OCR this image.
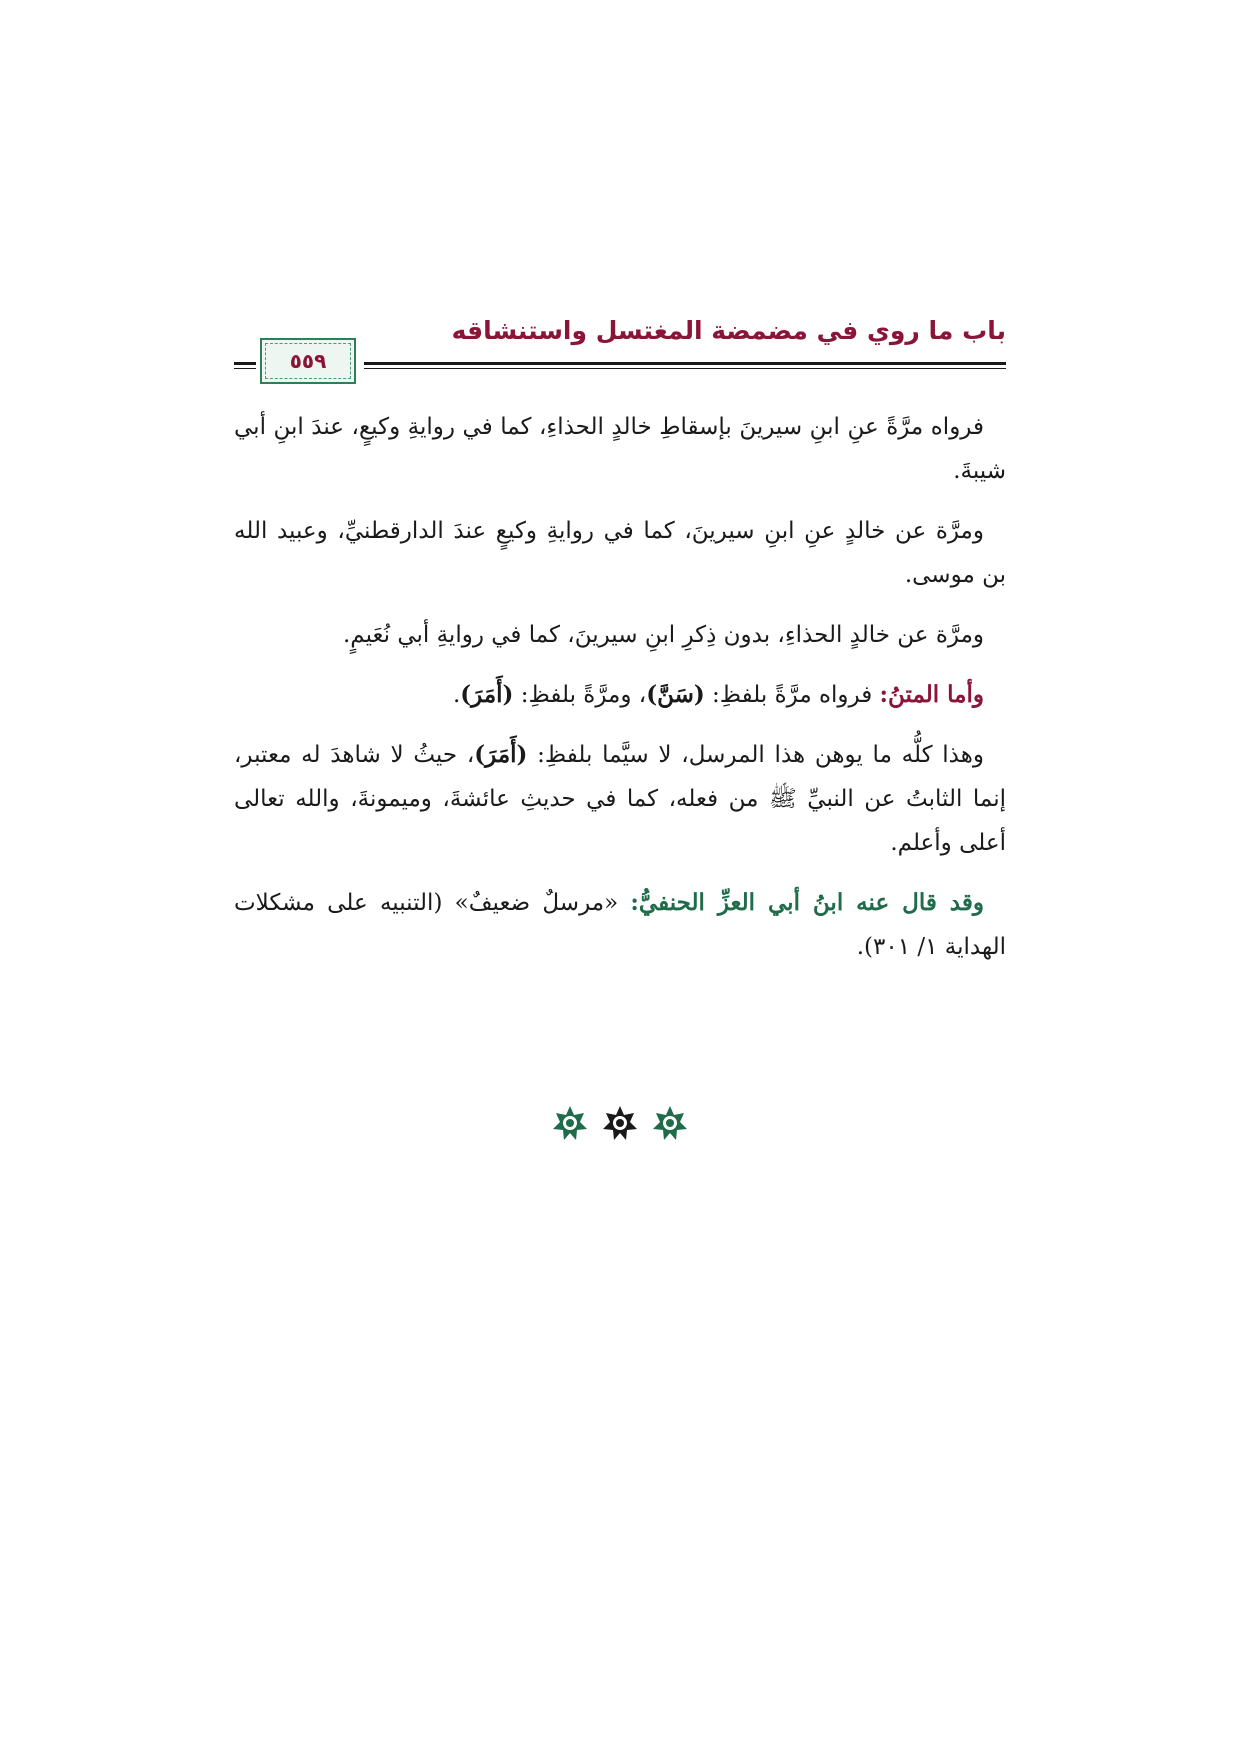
باب ما روي في مضمضة المغتسل واستنشاقه
٥٥٩

فرواه مرَّةً عنِ ابنِ سيرينَ بإسقاطِ خالدٍ الحذاءِ، كما في روايةِ وكيعٍ، عندَ ابنِ أبي شيبةَ.

ومرَّة عن خالدٍ عنِ ابنِ سيرينَ، كما في روايةِ وكيعٍ عندَ الدارقطنيِّ، وعبيد الله بن موسى.

ومرَّة عن خالدٍ الحذاءِ، بدون ذِكرِ ابنِ سيرينَ، كما في روايةِ أبي نُعَيمٍ.

وأما المتنُ: فرواه مرَّةً بلفظِ: (سَنَّ)، ومرَّةً بلفظِ: (أَمَرَ).

وهذا كلُّه ما يوهن هذا المرسل، لا سيَّما بلفظِ: (أَمَرَ)، حيثُ لا شاهدَ له معتبر، إنما الثابتُ عن النبيِّ ﷺ من فعله، كما في حديثِ عائشةَ، وميمونةَ، والله تعالى أعلى وأعلم.

وقد قال عنه ابنُ أبي العزِّ الحنفيُّ: «مرسلٌ ضعيفٌ» (التنبيه على مشكلات الهداية ١/ ٣٠١).
